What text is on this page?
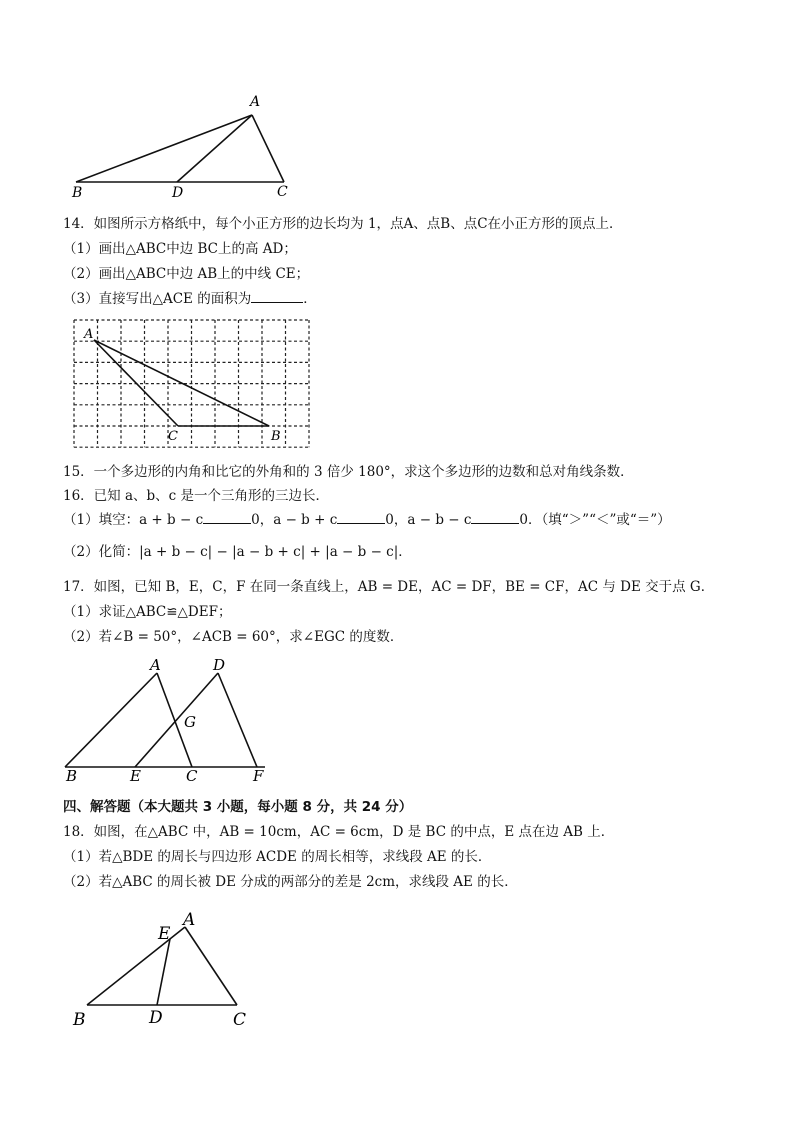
A
B	D	C
14．如图所示方格纸中，每个小正方形的边长均为 1，点A、点B、点C在小正方形的顶点上．
（1）画出△ABC中边 BC上的高 AD；
（2）画出△ABC中边 AB上的中线 CE；
（3）直接写出△ACE 的面积为	．
A
C	B
15．一个多边形的内角和比它的外角和的 3 倍少 180°，求这个多边形的边数和总对角线条数．
16．已知 a、b、c 是一个三角形的三边长．
（1）填空：a + b − c	0，a − b + c	0，a − b − c	0．（填“＞”“＜”或“＝”）
（2）化简：|a + b − c| − |a − b + c| + |a − b − c|．
17．如图，已知 B，E，C，F 在同一条直线上，AB = DE，AC = DF，BE = CF，AC 与 DE 交于点 G．
（1）求证△ABC≌△DEF；
（2）若∠B = 50°，∠ACB = 60°，求∠EGC 的度数．
A	D
G
B	E	C	F
四、解答题（本大题共 3 小题，每小题 8 分，共 24 分）
18．如图，在△ABC 中，AB = 10cm，AC = 6cm，D 是 BC 的中点，E 点在边 AB 上．
（1）若△BDE 的周长与四边形 ACDE 的周长相等，求线段 AE 的长．
（2）若△ABC 的周长被 DE 分成的两部分的差是 2cm，求线段 AE 的长．
A
E
B	D	C
